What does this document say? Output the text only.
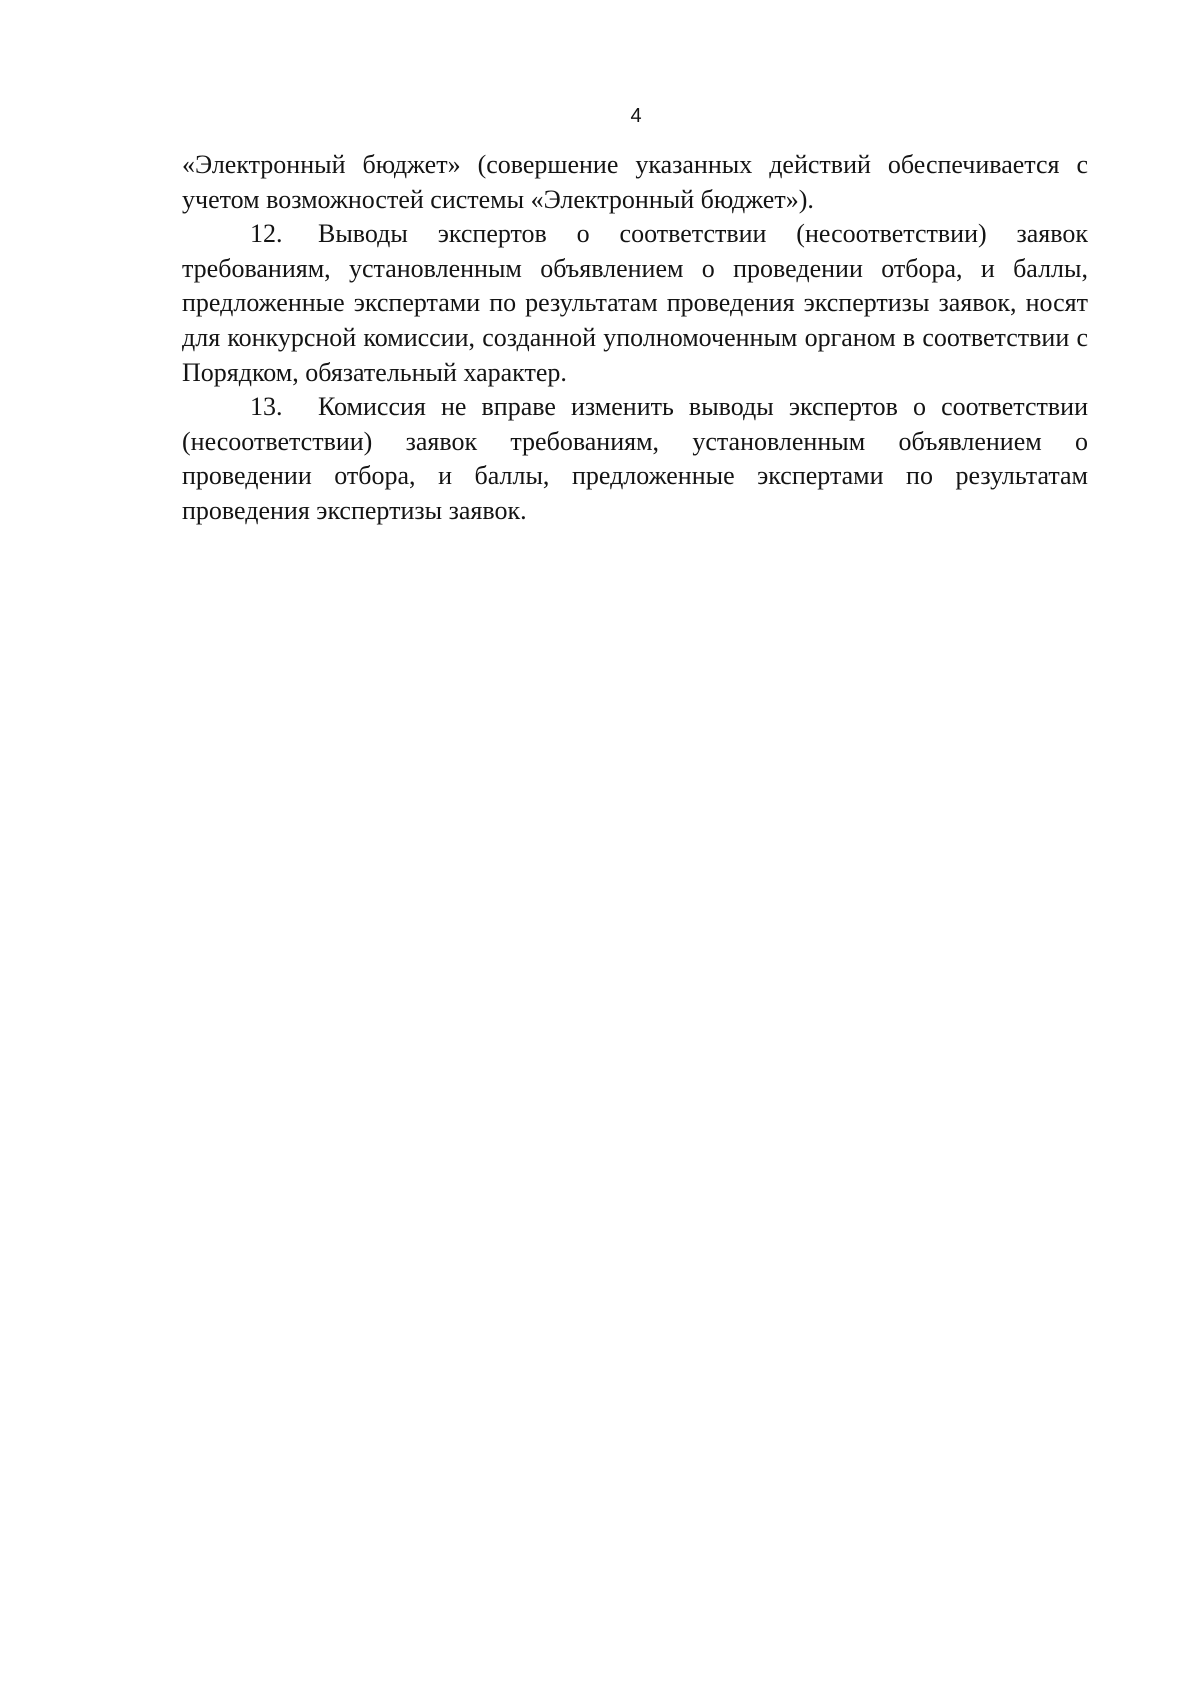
4

«Электронный бюджет» (совершение указанных действий обеспечивается с учетом возможностей системы «Электронный бюджет»).

12. Выводы экспертов о соответствии (несоответствии) заявок требованиям, установленным объявлением о проведении отбора, и баллы, предложенные экспертами по результатам проведения экспертизы заявок, носят для конкурсной комиссии, созданной уполномоченным органом в соответствии с Порядком, обязательный характер.

13. Комиссия не вправе изменить выводы экспертов о соответствии (несоответствии) заявок требованиям, установленным объявлением о проведении отбора, и баллы, предложенные экспертами по результатам проведения экспертизы заявок.
